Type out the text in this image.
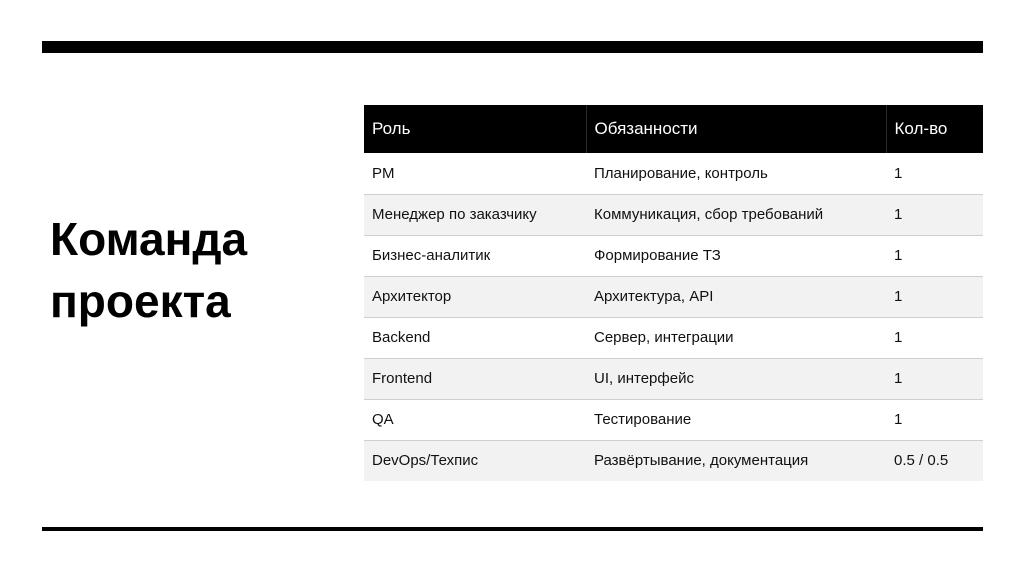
Команда
проекта
Роль	Обязанности	Кол-во
PM	Планирование, контроль	1
Менеджер по заказчику	Коммуникация, сбор требований	1
Бизнес-аналитик	Формирование ТЗ	1
Архитектор	Архитектура, API	1
Backend	Сервер, интеграции	1
Frontend	UI, интерфейс	1
QA	Тестирование	1
DevOps/Техпис	Развёртывание, документация	0.5 / 0.5
